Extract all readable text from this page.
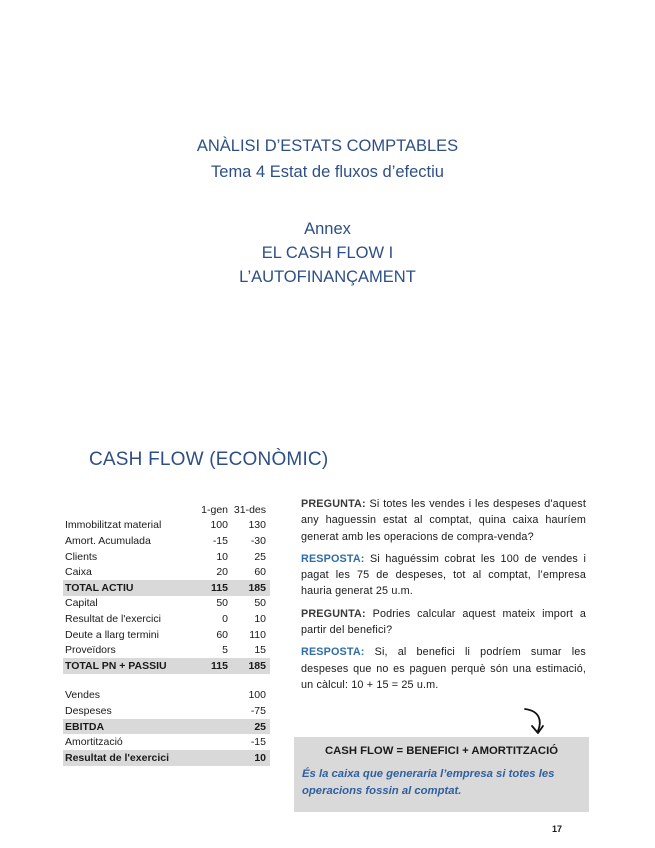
ANÀLISI D’ESTATS COMPTABLES
Tema 4 Estat de fluxos d’efectiu
Annex
EL CASH FLOW I
L’AUTOFINANÇAMENT
CASH FLOW (ECONÒMIC)
	1-gen	31-des
Immobilitzat material	100	130
Amort. Acumulada	-15	-30
Clients	10	25
Caixa	20	60
TOTAL ACTIU	115	185
Capital	50	50
Resultat de l'exercici	0	10
Deute a llarg termini	60	110
Proveïdors	5	15
TOTAL PN + PASSIU	115	185

Vendes		100
Despeses		-75
EBITDA		25
Amortització		-15
Resultat de l'exercici		10

PREGUNTA: Si totes les vendes i les despeses d'aquest any haguessin estat al comptat, quina caixa hauríem generat amb les operacions de compra-venda?

RESPOSTA: Si haguéssim cobrat les 100 de vendes i pagat les 75 de despeses, tot al comptat, l’empresa hauria generat 25 u.m.

PREGUNTA: Podries calcular aquest mateix import a partir del benefici?

RESPOSTA: Si, al benefici li podríem sumar les despeses que no es paguen perquè són una estimació, un càlcul: 10 + 15 = 25 u.m.

CASH FLOW = BENEFICI + AMORTITZACIÓ
És la caixa que generaria l’empresa si totes les operacions fossin al comptat.
17
